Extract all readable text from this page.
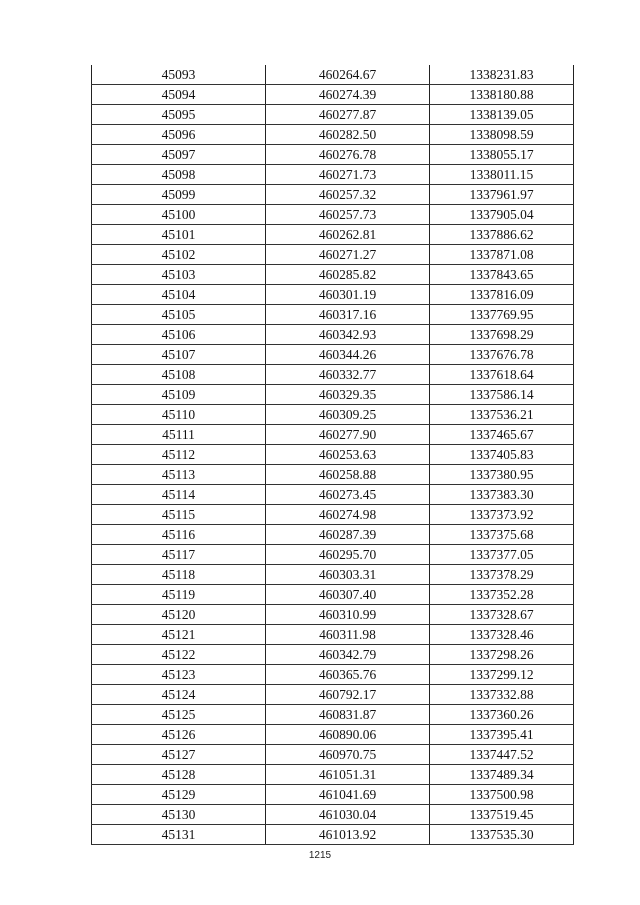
45093	460264.67	1338231.83
45094	460274.39	1338180.88
45095	460277.87	1338139.05
45096	460282.50	1338098.59
45097	460276.78	1338055.17
45098	460271.73	1338011.15
45099	460257.32	1337961.97
45100	460257.73	1337905.04
45101	460262.81	1337886.62
45102	460271.27	1337871.08
45103	460285.82	1337843.65
45104	460301.19	1337816.09
45105	460317.16	1337769.95
45106	460342.93	1337698.29
45107	460344.26	1337676.78
45108	460332.77	1337618.64
45109	460329.35	1337586.14
45110	460309.25	1337536.21
45111	460277.90	1337465.67
45112	460253.63	1337405.83
45113	460258.88	1337380.95
45114	460273.45	1337383.30
45115	460274.98	1337373.92
45116	460287.39	1337375.68
45117	460295.70	1337377.05
45118	460303.31	1337378.29
45119	460307.40	1337352.28
45120	460310.99	1337328.67
45121	460311.98	1337328.46
45122	460342.79	1337298.26
45123	460365.76	1337299.12
45124	460792.17	1337332.88
45125	460831.87	1337360.26
45126	460890.06	1337395.41
45127	460970.75	1337447.52
45128	461051.31	1337489.34
45129	461041.69	1337500.98
45130	461030.04	1337519.45
45131	461013.92	1337535.30
1215
